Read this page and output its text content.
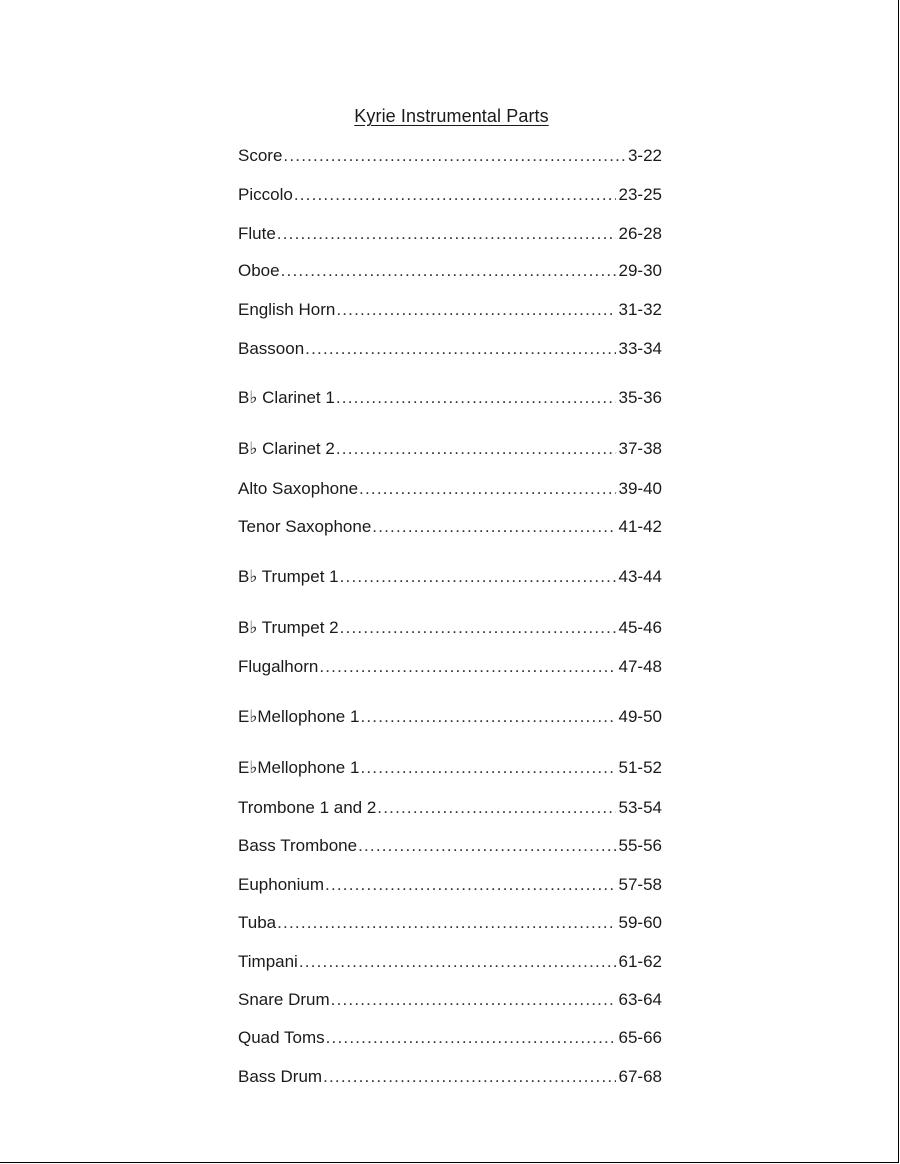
Kyrie Instrumental Parts
Score .....	3-22
Piccolo .....	23-25
Flute .....	26-28
Oboe .....	29-30
English Horn .....	31-32
Bassoon .....	33-34
B♭ Clarinet 1 .....	35-36
B♭ Clarinet 2 .....	37-38
Alto Saxophone .....	39-40
Tenor Saxophone .....	41-42
B♭ Trumpet 1 .....	43-44
B♭ Trumpet 2 .....	45-46
Flugalhorn .....	47-48
E♭Mellophone 1 .....	49-50
E♭Mellophone 1 .....	51-52
Trombone 1 and 2 .....	53-54
Bass Trombone .....	55-56
Euphonium .....	57-58
Tuba .....	59-60
Timpani .....	61-62
Snare Drum .....	63-64
Quad Toms .....	65-66
Bass Drum .....	67-68
